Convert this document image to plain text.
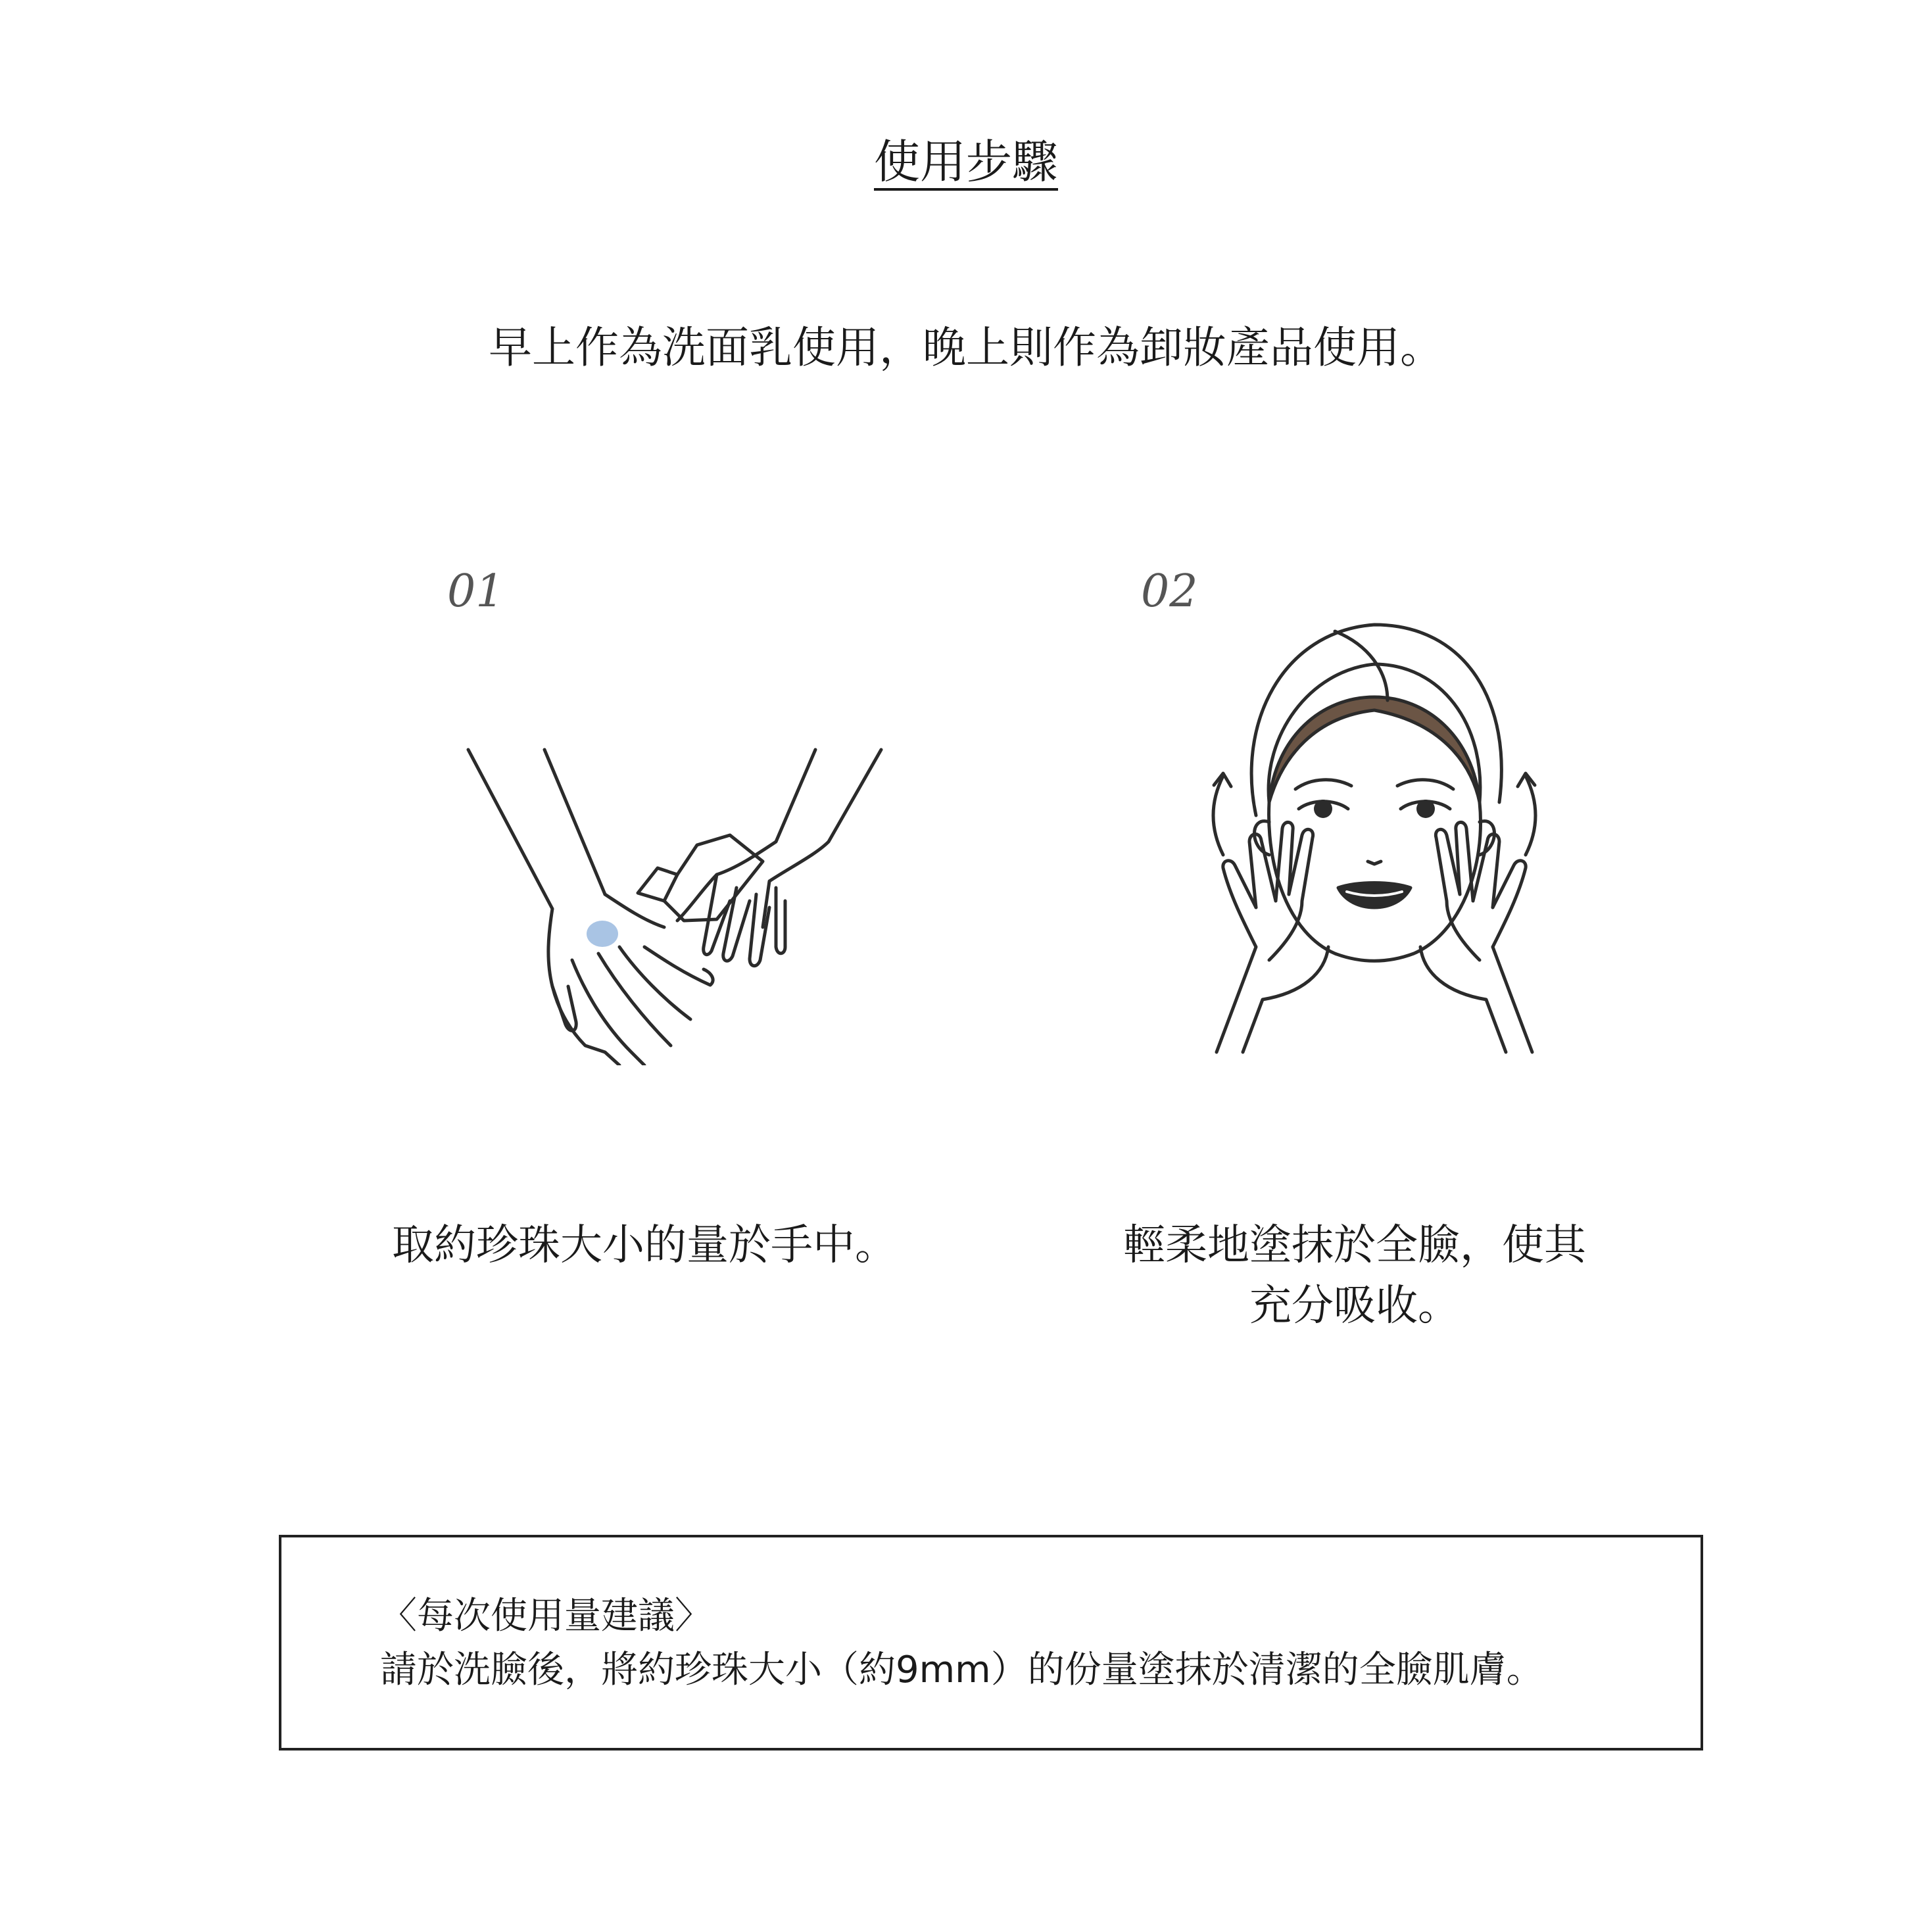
使用步驟
早上作為洗面乳使用，晚上則作為卸妝產品使用。
01
取約珍珠大小的量於手中。
02
輕柔地塗抹於全臉，使其
充分吸收。
〈每次使用量建議〉
請於洗臉後，將約珍珠大小（約9mm）的份量塗抹於清潔的全臉肌膚。
